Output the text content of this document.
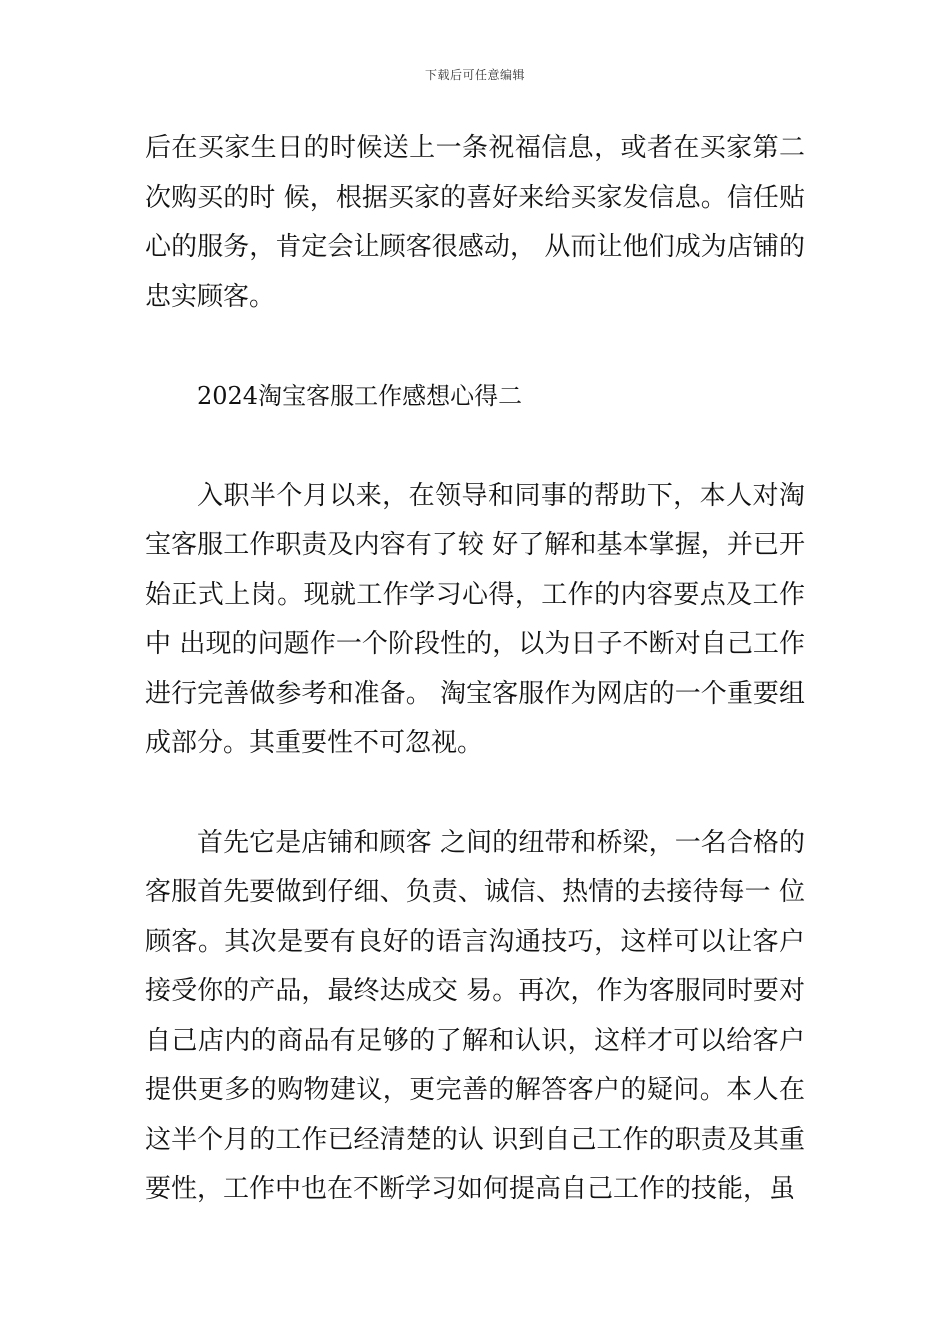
下载后可任意编辑

后在买家生日的时候送上一条祝福信息，或者在买家第二次购买的时 候，根据买家的喜好来给买家发信息。信任贴心的服务，肯定会让顾客很感动， 从而让他们成为店铺的忠实顾客。

2024淘宝客服工作感想心得二

入职半个月以来，在领导和同事的帮助下，本人对淘宝客服工作职责及内容有了较 好了解和基本掌握，并已开始正式上岗。现就工作学习心得，工作的内容要点及工作中 出现的问题作一个阶段性的，以为日子不断对自己工作进行完善做参考和准备。 淘宝客服作为网店的一个重要组成部分。其重要性不可忽视。

首先它是店铺和顾客 之间的纽带和桥梁，一名合格的客服首先要做到仔细、负责、诚信、热情的去接待每一 位顾客。其次是要有良好的语言沟通技巧，这样可以让客户接受你的产品，最终达成交 易。再次，作为客服同时要对自己店内的商品有足够的了解和认识，这样才可以给客户提供更多的购物建议，更完善的解答客户的疑问。本人在这半个月的工作已经清楚的认 识到自己工作的职责及其重要性，工作中也在不断学习如何提高自己工作的技能，虽
